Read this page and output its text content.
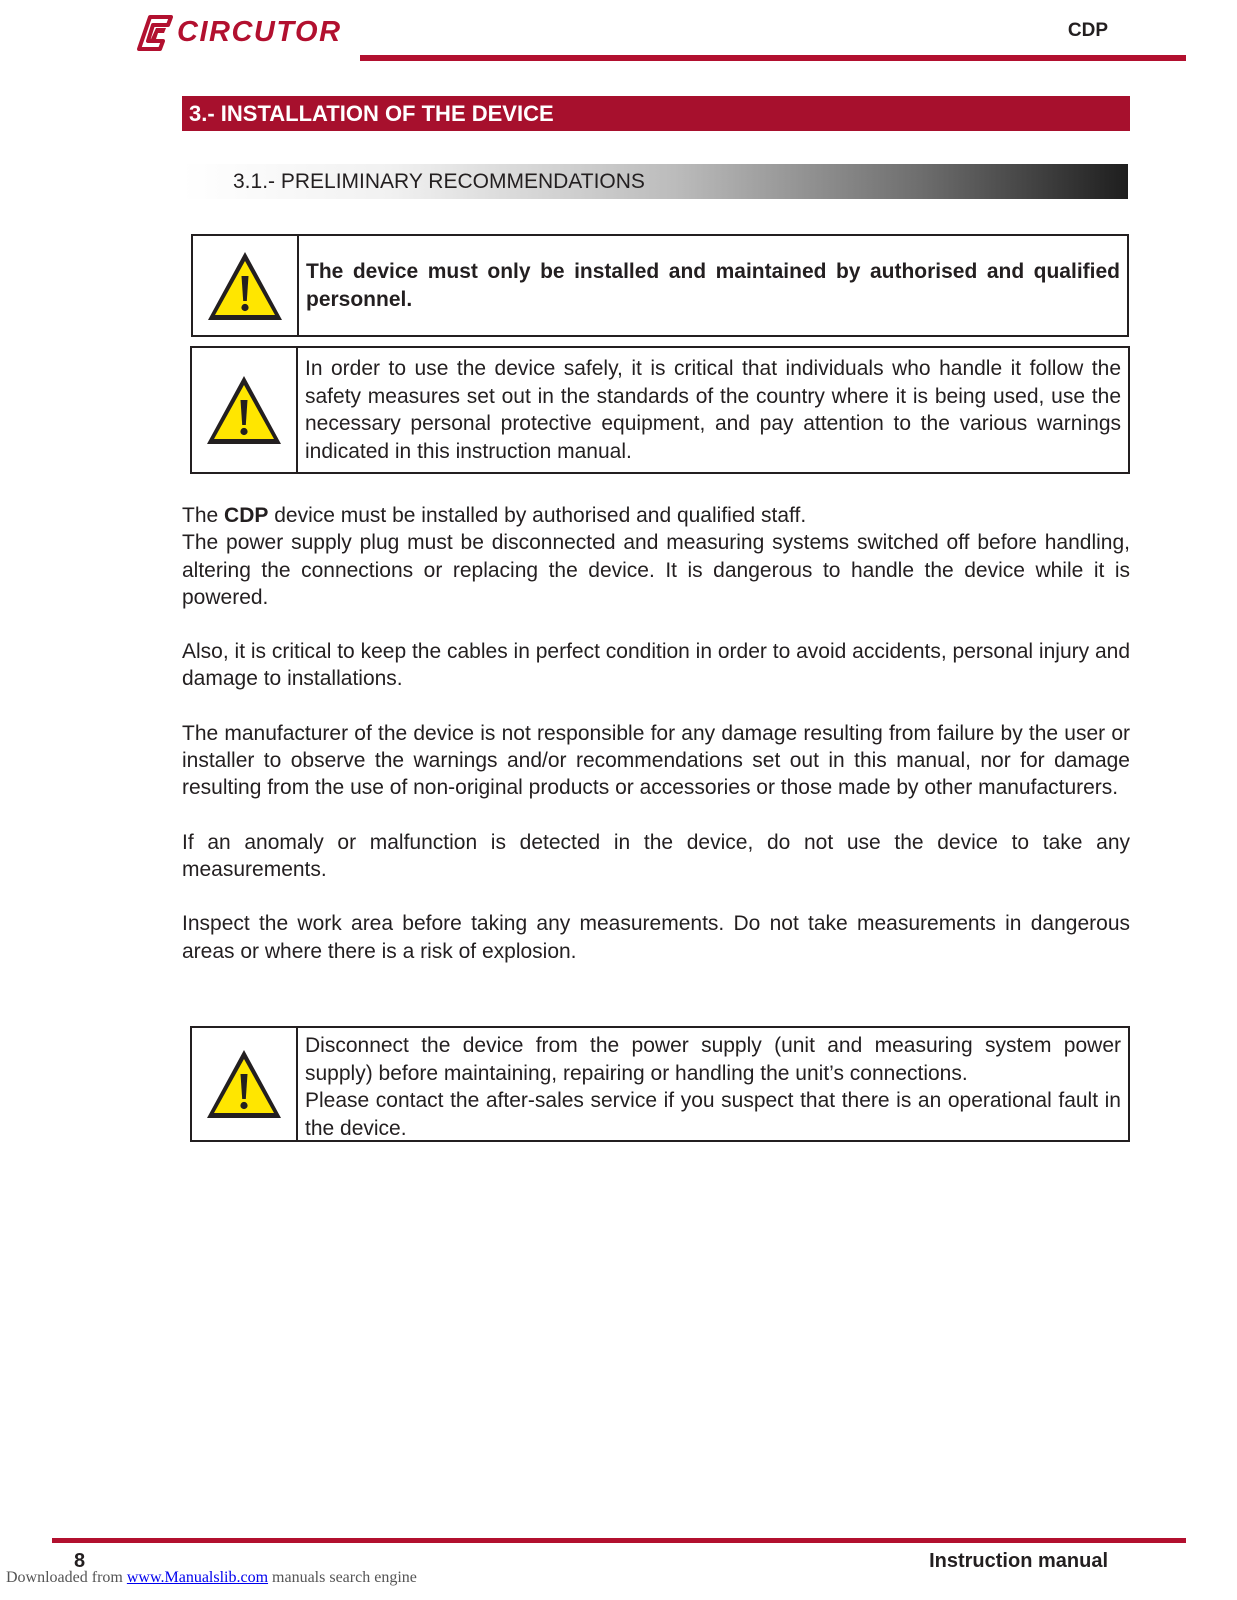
CIRCUTOR	CDP
3.- INSTALLATION OF THE DEVICE
3.1.- PRELIMINARY RECOMMENDATIONS
The device must only be installed and maintained by authorised and qualified personnel.
In order to use the device safely, it is critical that individuals who handle it follow the safety measures set out in the standards of the country where it is being used, use the necessary personal protective equipment, and pay attention to the various warnings indicated in this instruction manual.

The CDP device must be installed by authorised and qualified staff.

The power supply plug must be disconnected and measuring systems switched off before handling, altering the connections or replacing the device. It is dangerous to handle the device while it is powered.

Also, it is critical to keep the cables in perfect condition in order to avoid accidents, personal injury and damage to installations.

The manufacturer of the device is not responsible for any damage resulting from failure by the user or installer to observe the warnings and/or recommendations set out in this manual, nor for damage resulting from the use of non-original products or accessories or those made by other manufacturers.

If an anomaly or malfunction is detected in the device, do not use the device to take any measurements.

Inspect the work area before taking any measurements. Do not take measurements in dangerous areas or where there is a risk of explosion.

Disconnect the device from the power supply (unit and measuring system power supply) before maintaining, repairing or handling the unit’s connections.
Please contact the after-sales service if you suspect that there is an operational fault in the device.
8	Instruction manual
Downloaded from www.Manualslib.com manuals search engine
